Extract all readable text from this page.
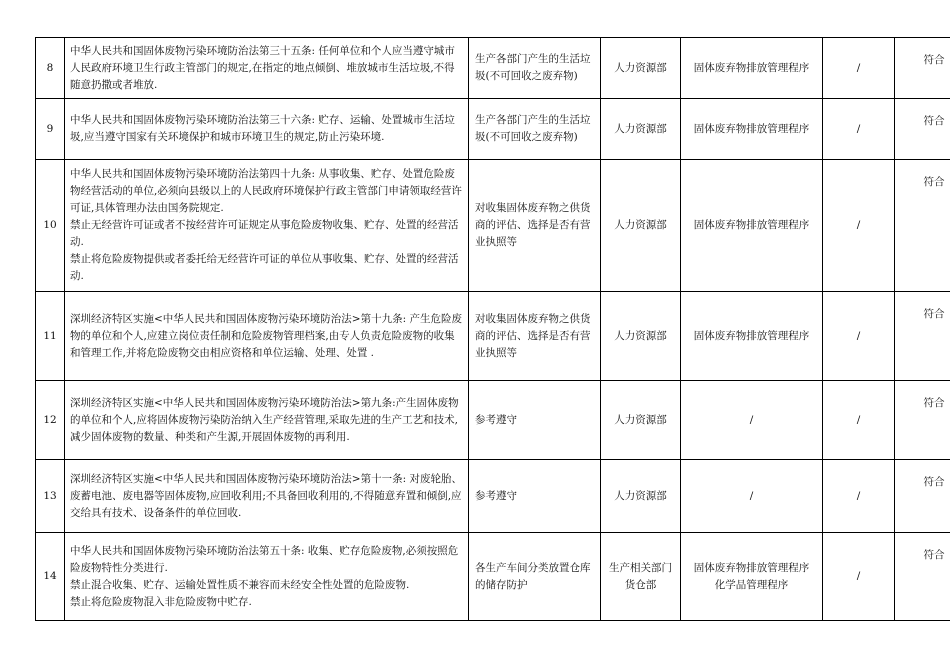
8	中华人民共和国固体废物污染环境防治法第三十五条: 任何单位和个人应当遵守城市人民政府环境卫生行政主管部门的规定,在指定的地点倾倒、堆放城市生活垃圾,不得随意扔撒或者堆放.	生产各部门产生的生活垃圾(不可回收之废弃物)	人力资源部	固体废弃物排放管理程序	/	符合
9	中华人民共和国固体废物污染环境防治法第三十六条: 贮存、运输、处置城市生活垃圾,应当遵守国家有关环境保护和城市环境卫生的规定,防止污染环境.	生产各部门产生的生活垃圾(不可回收之废弃物)	人力资源部	固体废弃物排放管理程序	/	符合
10	中华人民共和国固体废物污染环境防治法第四十九条: 从事收集、贮存、处置危险废物经营活动的单位,必须向县级以上的人民政府环境保护行政主管部门申请领取经营许可证,具体管理办法由国务院规定.
禁止无经营许可证或者不按经营许可证规定从事危险废物收集、贮存、处置的经营活动.
禁止将危险废物提供或者委托给无经营许可证的单位从事收集、贮存、处置的经营活动.	对收集固体废弃物之供货商的评估、选择是否有营业执照等	人力资源部	固体废弃物排放管理程序	/	符合
11	深圳经济特区实施<中华人民共和国固体废物污染环境防治法>第十九条: 产生危险废物的单位和个人,应建立岗位责任制和危险废物管理档案,由专人负责危险废物的收集和管理工作,并将危险废物交由相应资格和单位运输、处理、处置 .	对收集固体废弃物之供货商的评估、选择是否有营业执照等	人力资源部	固体废弃物排放管理程序	/	符合
12	深圳经济特区实施<中华人民共和国固体废物污染环境防治法>第九条:产生固体废物的单位和个人,应将固体废物污染防治纳入生产经营管理,采取先进的生产工艺和技术,减少固体废物的数量、种类和产生源,开展固体废物的再利用.	参考遵守	人力资源部	/	/	符合
13	深圳经济特区实施<中华人民共和国固体废物污染环境防治法>第十一条: 对废轮胎、废蓄电池、废电器等固体废物,应回收利用;不具备回收利用的,不得随意弃置和倾倒,应交给具有技术、设备条件的单位回收.	参考遵守	人力资源部	/	/	符合
14	中华人民共和国固体废物污染环境防治法第五十条: 收集、贮存危险废物,必须按照危险废物特性分类进行.
禁止混合收集、贮存、运输处置性质不兼容而未经安全性处置的危险废物.
禁止将危险废物混入非危险废物中贮存.	各生产车间分类放置仓库的储存防护	生产相关部门
货仓部	固体废弃物排放管理程序
化学品管理程序	/	符合
